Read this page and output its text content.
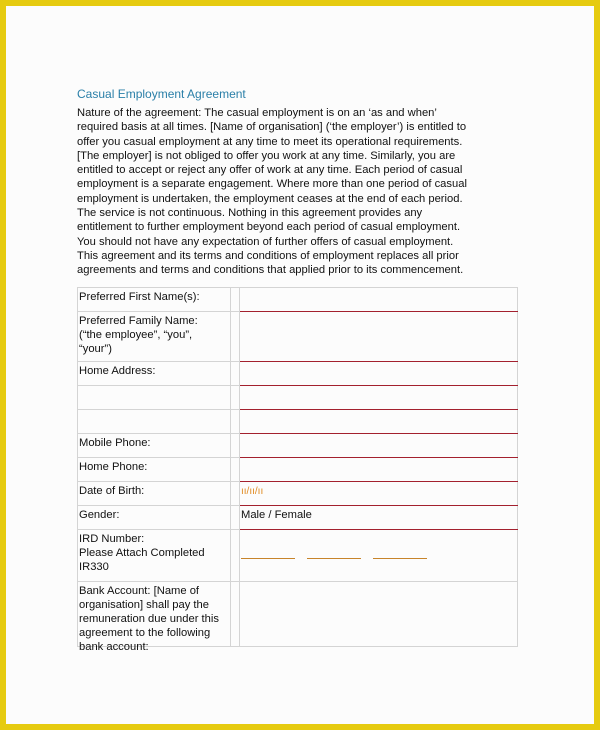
Casual Employment Agreement

Nature of the agreement: The casual employment is on an ‘as and when’
required basis at all times. [Name of organisation] (‘the employer’) is entitled to
offer you casual employment at any time to meet its operational requirements.
[The employer] is not obliged to offer you work at any time. Similarly, you are
entitled to accept or reject any offer of work at any time. Each period of casual
employment is a separate engagement. Where more than one period of casual
employment is undertaken, the employment ceases at the end of each period.
The service is not continuous. Nothing in this agreement provides any
entitlement to further employment beyond each period of casual employment.
You should not have any expectation of further offers of casual employment.
This agreement and its terms and conditions of employment replaces all prior
agreements and terms and conditions that applied prior to its commencement.

Preferred First Name(s):		

Preferred Family Name:
(“the employee”, “you”,
“your”)		

Home Address:		

Mobile Phone:		
Home Phone:		
Date of Birth:		ıı/ıı/ıı
Gender:		Male / Female

IRD Number:
Please Attach Completed
IR330		

Bank Account: [Name of
organisation] shall pay the
remuneration due under this
agreement to the following
bank account:		
